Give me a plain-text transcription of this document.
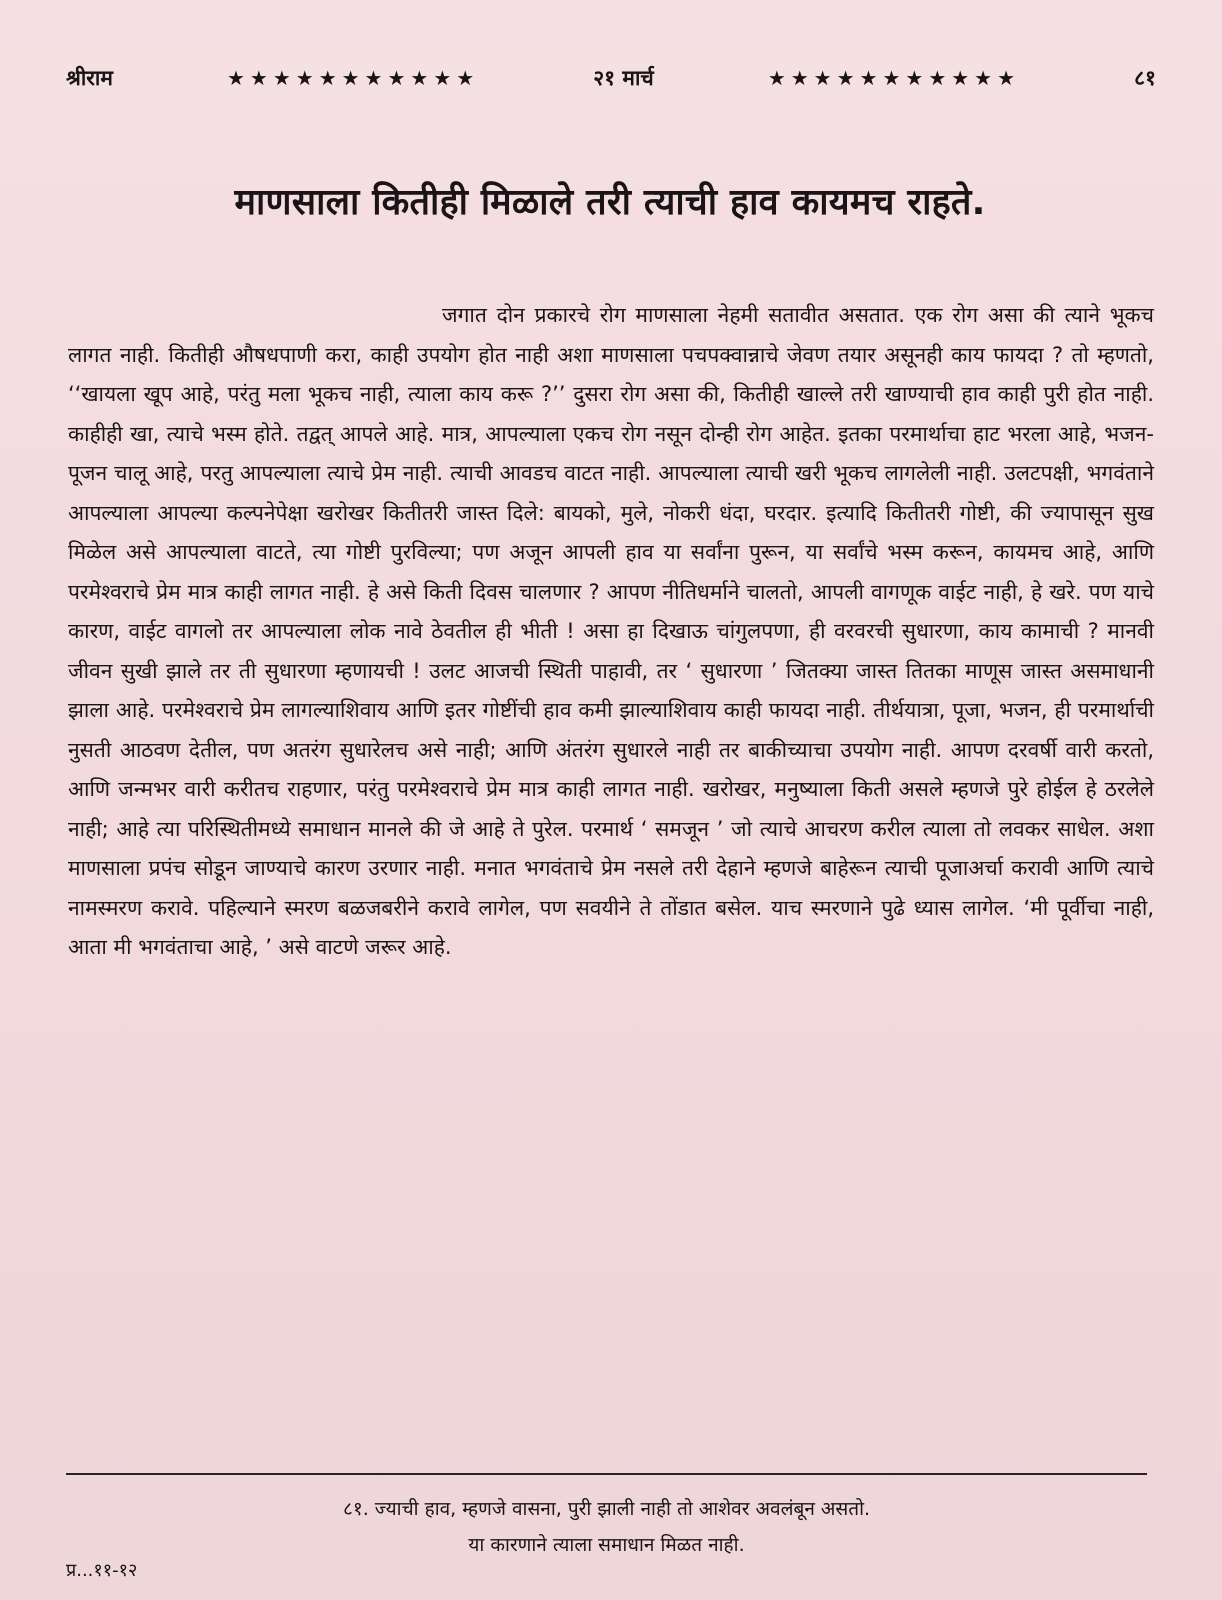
श्रीराम	★★★★★★★★★★★	२१ मार्च	★★★★★★★★★★★	८१
माणसाला कितीही मिळाले तरी त्याची हाव कायमच राहते.

जगात दोन प्रकारचे रोग माणसाला नेहमी सतावीत असतात. एक रोग असा की त्याने भूकच लागत नाही. कितीही औषधपाणी करा, काही उपयोग होत नाही अशा माणसाला पचपक्वान्नाचे जेवण तयार असूनही काय फायदा ? तो म्हणतो, ‘‘खायला खूप आहे, परंतु मला भूकच नाही, त्याला काय करू ?’’ दुसरा रोग असा की, कितीही खाल्ले तरी खाण्याची हाव काही पुरी होत नाही. काहीही खा, त्याचे भस्म होते. तद्वत् आपले आहे. मात्र, आपल्याला एकच रोग नसून दोन्ही रोग आहेत. इतका परमार्थाचा हाट भरला आहे, भजन-पूजन चालू आहे, परतु आपल्याला त्याचे प्रेम नाही. त्याची आवडच वाटत नाही. आपल्याला त्याची खरी भूकच लागलेली नाही. उलटपक्षी, भगवंताने आपल्याला आपल्या कल्पनेपेक्षा खरोखर कितीतरी जास्त दिले: बायको, मुले, नोकरी धंदा, घरदार. इत्यादि कितीतरी गोष्टी, की ज्यापासून सुख मिळेल असे आपल्याला वाटते, त्या गोष्टी पुरविल्या; पण अजून आपली हाव या सर्वांना पुरून, या सर्वांचे भस्म करून, कायमच आहे, आणि परमेश्वराचे प्रेम मात्र काही लागत नाही. हे असे किती दिवस चालणार ? आपण नीतिधर्माने चालतो, आपली वागणूक वाईट नाही, हे खरे. पण याचे कारण, वाईट वागलो तर आपल्याला लोक नावे ठेवतील ही भीती ! असा हा दिखाऊ चांगुलपणा, ही वरवरची सुधारणा, काय कामाची ? मानवी जीवन सुखी झाले तर ती सुधारणा म्हणायची ! उलट आजची स्थिती पाहावी, तर ‘ सुधारणा ’ जितक्या जास्त तितका माणूस जास्त असमाधानी झाला आहे. परमेश्वराचे प्रेम लागल्याशिवाय आणि इतर गोष्टींची हाव कमी झाल्याशिवाय काही फायदा नाही. तीर्थयात्रा, पूजा, भजन, ही परमार्थाची नुसती आठवण देतील, पण अतरंग सुधारेलच असे नाही; आणि अंतरंग सुधारले नाही तर बाकीच्याचा उपयोग नाही. आपण दरवर्षी वारी करतो, आणि जन्मभर वारी करीतच राहणार, परंतु परमेश्वराचे प्रेम मात्र काही लागत नाही. खरोखर, मनुष्याला किती असले म्हणजे पुरे होईल हे ठरलेले नाही; आहे त्या परिस्थितीमध्ये समाधान मानले की जे आहे ते पुरेल. परमार्थ ‘ समजून ’ जो त्याचे आचरण करील त्याला तो लवकर साधेल. अशा माणसाला प्रपंच सोडून जाण्याचे कारण उरणार नाही. मनात भगवंताचे प्रेम नसले तरी देहाने म्हणजे बाहेरून त्याची पूजाअर्चा करावी आणि त्याचे नामस्मरण करावे. पहिल्याने स्मरण बळजबरीने करावे लागेल, पण सवयीने ते तोंडात बसेल. याच स्मरणाने पुढे ध्यास लागेल. ‘मी पूर्वीचा नाही, आता मी भगवंताचा आहे, ’ असे वाटणे जरूर आहे.

८१. ज्याची हाव, म्हणजे वासना, पुरी झाली नाही तो आशेवर अवलंबून असतो.
या कारणाने त्याला समाधान मिळत नाही.
प्र...११-१२
